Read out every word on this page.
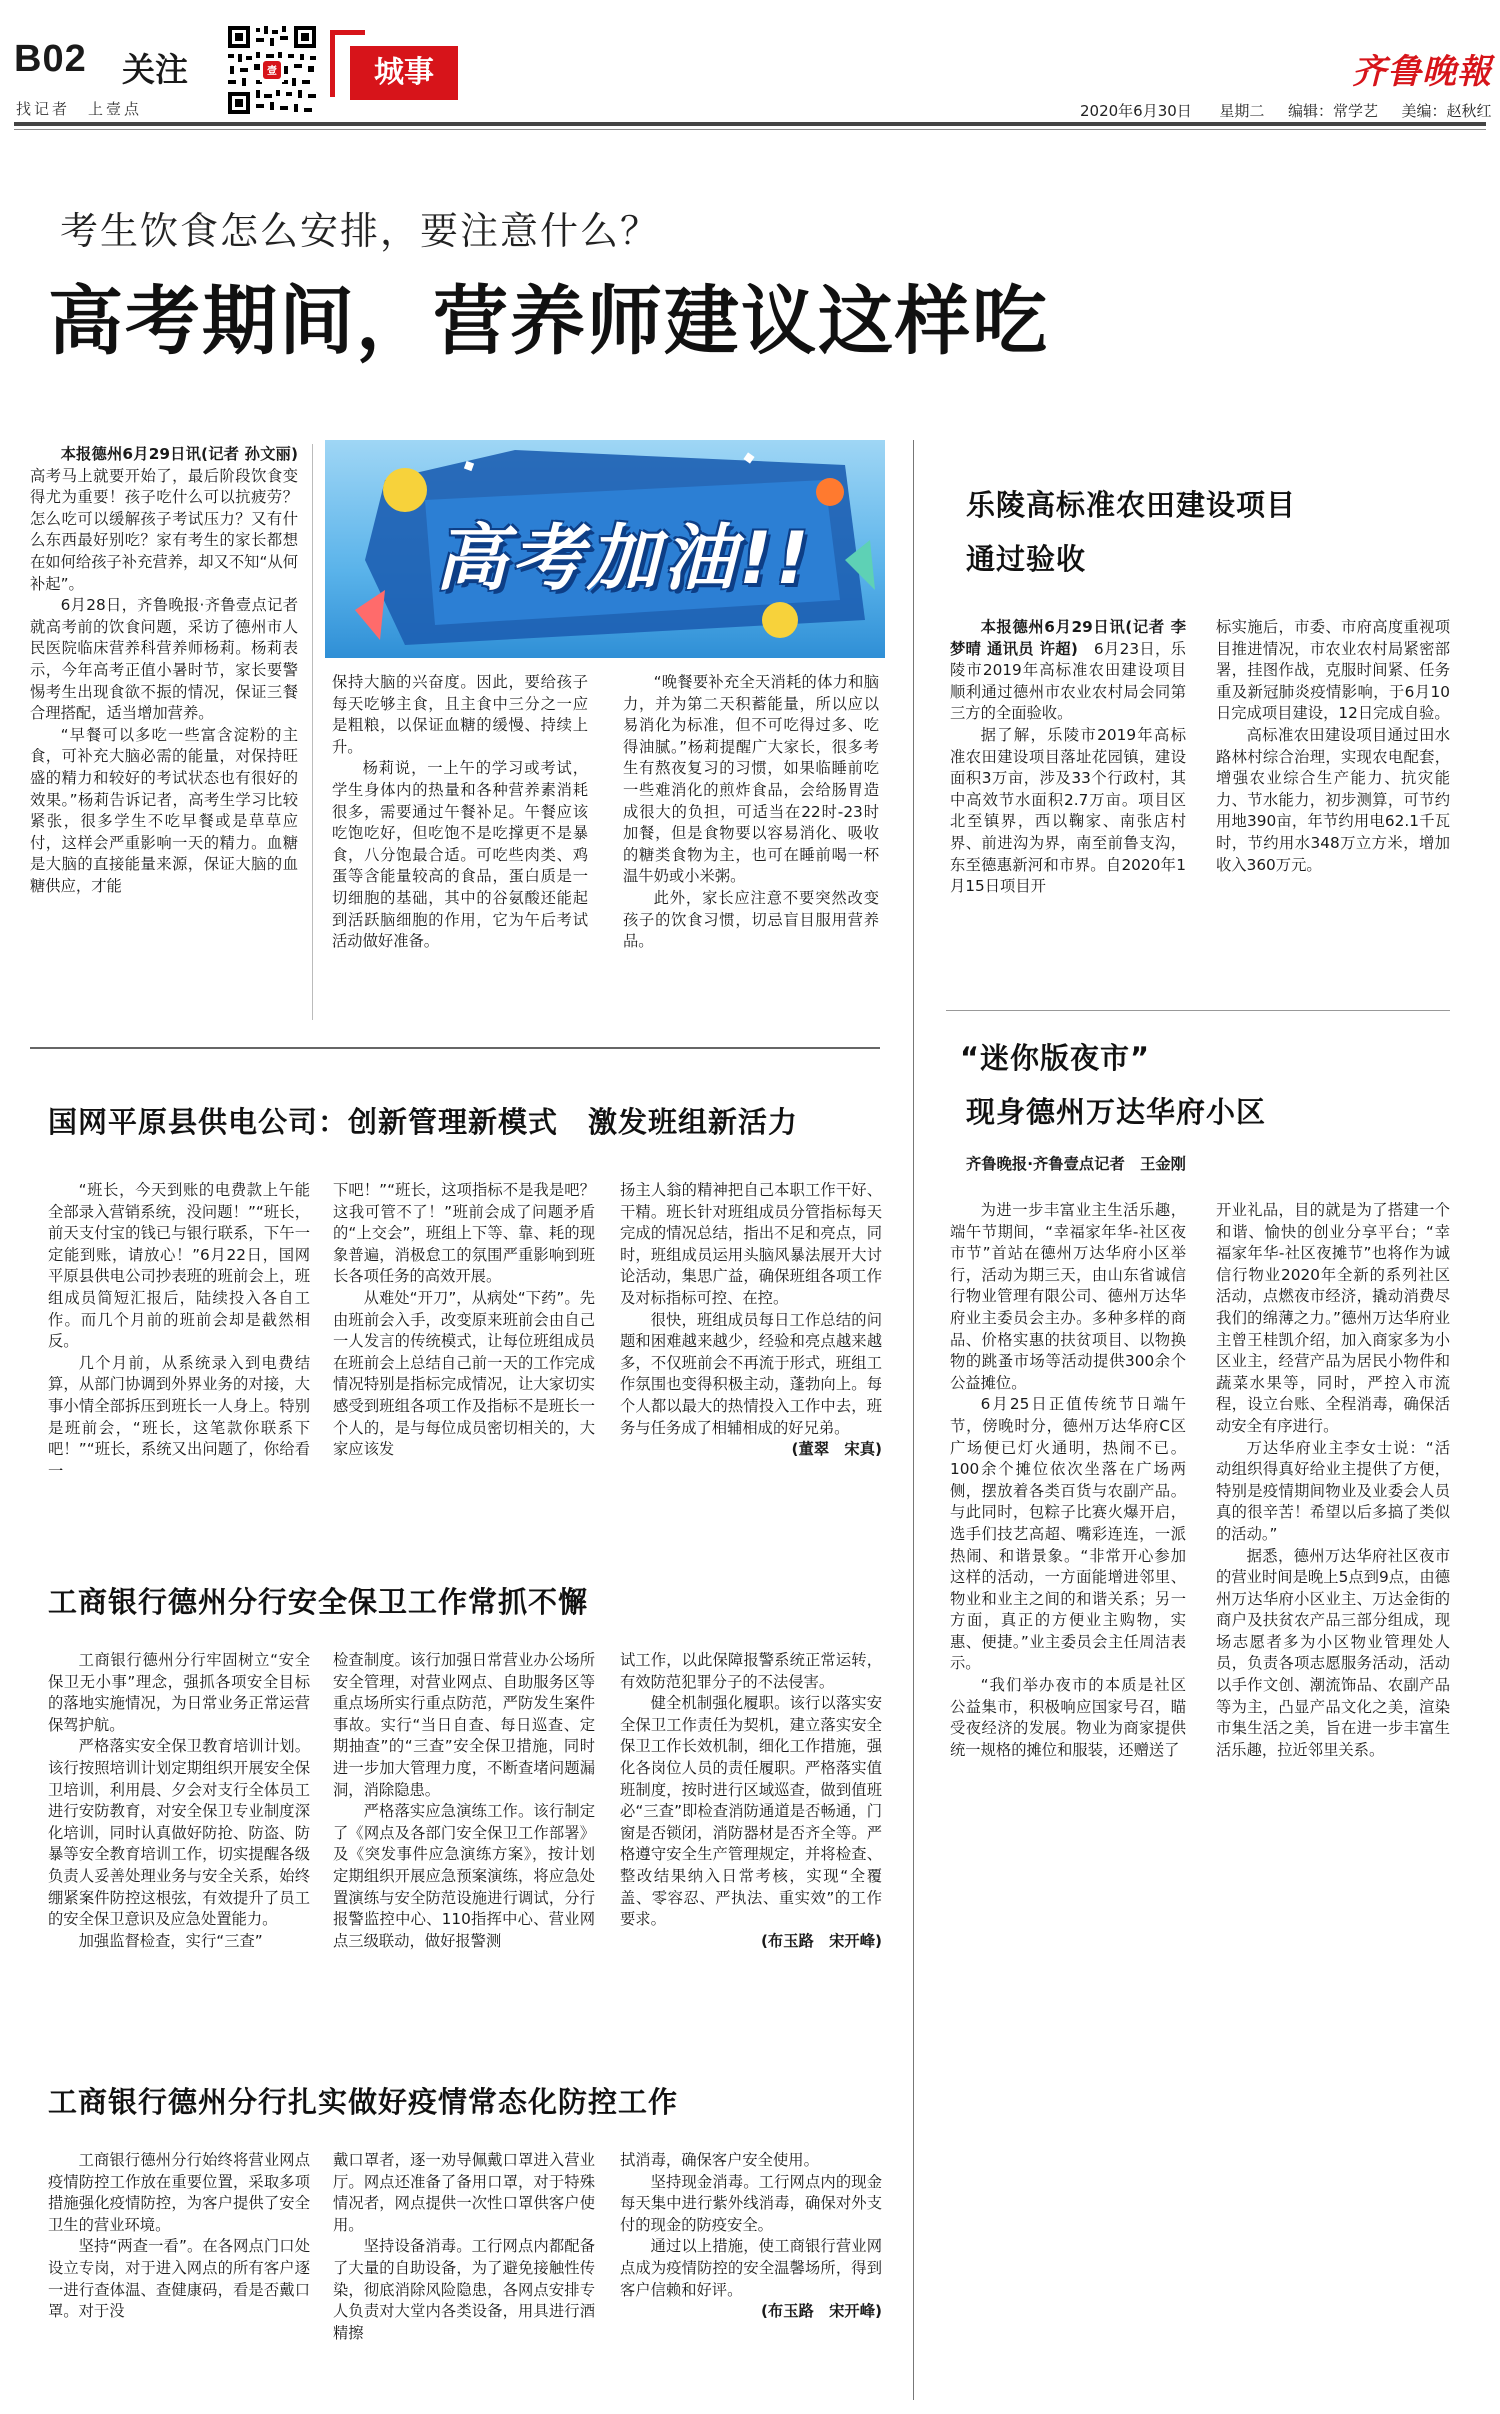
B02 关注
找记者　上壹点
壹	城事	齐鲁晚報
2020年6月30日 星期二 编辑：常学艺 美编：赵秋红
考生饮食怎么安排，要注意什么？
高考期间，营养师建议这样吃
高考加油!!

本报德州6月29日讯(记者 孙文丽)　高考马上就要开始了，最后阶段饮食变得尤为重要！孩子吃什么可以抗疲劳？怎么吃可以缓解孩子考试压力？又有什么东西最好别吃？家有考生的家长都想在如何给孩子补充营养，却又不知“从何补起”。

6月28日，齐鲁晚报·齐鲁壹点记者就高考前的饮食问题，采访了德州市人民医院临床营养科营养师杨莉。杨莉表示，今年高考正值小暑时节，家长要警惕考生出现食欲不振的情况，保证三餐合理搭配，适当增加营养。

“早餐可以多吃一些富含淀粉的主食，可补充大脑必需的能量，对保持旺盛的精力和较好的考试状态也有很好的效果。”杨莉告诉记者，高考生学习比较紧张，很多学生不吃早餐或是草草应付，这样会严重影响一天的精力。血糖是大脑的直接能量来源，保证大脑的血糖供应，才能

保持大脑的兴奋度。因此，要给孩子每天吃够主食，且主食中三分之一应是粗粮，以保证血糖的缓慢、持续上升。

杨莉说，一上午的学习或考试，学生身体内的热量和各种营养素消耗很多，需要通过午餐补足。午餐应该吃饱吃好，但吃饱不是吃撑更不是暴食，八分饱最合适。可吃些肉类、鸡蛋等含能量较高的食品，蛋白质是一切细胞的基础，其中的谷氨酸还能起到活跃脑细胞的作用，它为午后考试活动做好准备。

“晚餐要补充全天消耗的体力和脑力，并为第二天积蓄能量，所以应以易消化为标准，但不可吃得过多、吃得油腻。”杨莉提醒广大家长，很多考生有熬夜复习的习惯，如果临睡前吃一些难消化的煎炸食品，会给肠胃造成很大的负担，可适当在22时-23时加餐，但是食物要以容易消化、吸收的糖类食物为主，也可在睡前喝一杯温牛奶或小米粥。

此外，家长应注意不要突然改变孩子的饮食习惯，切忌盲目服用营养品。

乐陵高标准农田建设项目
通过验收

本报德州6月29日讯(记者 李梦晴 通讯员 许超)　 6月23日，乐陵市2019年高标准农田建设项目顺利通过德州市农业农村局会同第三方的全面验收。

据了解，乐陵市2019年高标准农田建设项目落址花园镇，建设面积3万亩，涉及33个行政村，其中高效节水面积2.7万亩。项目区北至镇界，西以鞠家、南张店村界、前进沟为界，南至前鲁支沟，东至德惠新河和市界。自2020年1月15日项目开

标实施后，市委、市府高度重视项目推进情况，市农业农村局紧密部署，挂图作战，克服时间紧、任务重及新冠肺炎疫情影响，于6月10日完成项目建设，12日完成自验。

高标准农田建设项目通过田水路林村综合治理，实现农电配套，增强农业综合生产能力、抗灾能力、节水能力，初步测算，可节约用地390亩，年节约用电62.1千瓦时，节约用水348万立方米，增加收入360万元。

“迷你版夜市”
现身德州万达华府小区
齐鲁晚报·齐鲁壹点记者　王金刚

为进一步丰富业主生活乐趣，端午节期间，“幸福家年华-社区夜市节”首站在德州万达华府小区举行，活动为期三天，由山东省诚信行物业管理有限公司、德州万达华府业主委员会主办。多种多样的商品、价格实惠的扶贫项目、以物换物的跳蚤市场等活动提供300余个公益摊位。

6月25日正值传统节日端午节，傍晚时分，德州万达华府C区广场便已灯火通明，热闹不已。100余个摊位依次坐落在广场两侧，摆放着各类百货与农副产品。与此同时，包粽子比赛火爆开启，选手们技艺高超、嘴彩连连，一派热闹、和谐景象。“非常开心参加这样的活动，一方面能增进邻里、物业和业主之间的和谐关系；另一方面，真正的方便业主购物，实惠、便捷。”业主委员会主任周洁表示。

“我们举办夜市的本质是社区公益集市，积极响应国家号召，瞄受夜经济的发展。物业为商家提供统一规格的摊位和服装，还赠送了

开业礼品，目的就是为了搭建一个和谐、愉快的创业分享平台；“幸福家年华-社区夜摊节”也将作为诚信行物业2020年全新的系列社区活动，点燃夜市经济，撬动消费尽我们的绵薄之力。”德州万达华府业主曾王桂凯介绍，加入商家多为小区业主，经营产品为居民小物件和蔬菜水果等，同时，严控入市流程，设立台账、全程消毒，确保活动安全有序进行。

万达华府业主李女士说：“活动组织得真好给业主提供了方便，特别是疫情期间物业及业委会人员真的很辛苦！希望以后多搞了类似的活动。”

据悉，德州万达华府社区夜市的营业时间是晚上5点到9点，由德州万达华府小区业主、万达金街的商户及扶贫农产品三部分组成，现场志愿者多为小区物业管理处人员，负责各项志愿服务活动，活动以手作文创、潮流饰品、农副产品等为主，凸显产品文化之美，渲染市集生活之美，旨在进一步丰富生活乐趣，拉近邻里关系。

国网平原县供电公司：创新管理新模式　激发班组新活力

“班长，今天到账的电费款上午能全部录入营销系统，没问题！”“班长，前天支付宝的钱已与银行联系，下午一定能到账，请放心！”6月22日，国网平原县供电公司抄表班的班前会上，班组成员简短汇报后，陆续投入各自工作。而几个月前的班前会却是截然相反。

几个月前，从系统录入到电费结算，从部门协调到外界业务的对接，大事小情全部拆压到班长一人身上。特别是班前会，“班长，这笔款你联系下吧！”“班长，系统又出问题了，你给看一

下吧！”“班长，这项指标不是我是吧？这我可管不了！”班前会成了问题矛盾的“上交会”，班组上下等、靠、耗的现象普遍，消极怠工的氛围严重影响到班长各项任务的高效开展。

从难处“开刀”，从病处“下药”。先由班前会入手，改变原来班前会由自己一人发言的传统模式，让每位班组成员在班前会上总结自己前一天的工作完成情况特别是指标完成情况，让大家切实感受到班组各项工作及指标不是班长一个人的，是与每位成员密切相关的，大家应该发

扬主人翁的精神把自己本职工作干好、干精。班长针对班组成员分管指标每天完成的情况总结，指出不足和亮点，同时，班组成员运用头脑风暴法展开大讨论活动，集思广益，确保班组各项工作及对标指标可控、在控。

很快，班组成员每日工作总结的问题和困难越来越少，经验和亮点越来越多，不仅班前会不再流于形式，班组工作氛围也变得积极主动，蓬勃向上。每个人都以最大的热情投入工作中去，班务与任务成了相辅相成的好兄弟。

(董翠　宋真)

工商银行德州分行安全保卫工作常抓不懈

工商银行德州分行牢固树立“安全保卫无小事”理念，强抓各项安全目标的落地实施情况，为日常业务正常运营保驾护航。

严格落实安全保卫教育培训计划。该行按照培训计划定期组织开展安全保卫培训，利用晨、夕会对支行全体员工进行安防教育，对安全保卫专业制度深化培训，同时认真做好防抢、防盗、防暴等安全教育培训工作，切实提醒各级负责人妥善处理业务与安全关系，始终绷紧案件防控这根弦，有效提升了员工的安全保卫意识及应急处置能力。

加强监督检查，实行“三查”

检查制度。该行加强日常营业办公场所安全管理，对营业网点、自助服务区等重点场所实行重点防范，严防发生案件事故。实行“当日自查、每日巡查、定期抽查”的“三查”安全保卫措施，同时进一步加大管理力度，不断查堵问题漏洞，消除隐患。

严格落实应急演练工作。该行制定了《网点及各部门安全保卫工作部署》及《突发事件应急演练方案》，按计划定期组织开展应急预案演练，将应急处置演练与安全防范设施进行调试，分行报警监控中心、110指挥中心、营业网点三级联动，做好报警测

试工作，以此保障报警系统正常运转，有效防范犯罪分子的不法侵害。

健全机制强化履职。该行以落实安全保卫工作责任为契机，建立落实安全保卫工作长效机制，细化工作措施，强化各岗位人员的责任履职。严格落实值班制度，按时进行区域巡查，做到值班必“三查”即检查消防通道是否畅通，门窗是否锁闭，消防器材是否齐全等。严格遵守安全生产管理规定，并将检查、整改结果纳入日常考核，实现“全覆盖、零容忍、严执法、重实效”的工作要求。

(布玉路　宋开峰)

工商银行德州分行扎实做好疫情常态化防控工作

工商银行德州分行始终将营业网点疫情防控工作放在重要位置，采取多项措施强化疫情防控，为客户提供了安全卫生的营业环境。

坚持“两查一看”。在各网点门口处设立专岗，对于进入网点的所有客户逐一进行查体温、查健康码，看是否戴口罩。对于没

戴口罩者，逐一劝导佩戴口罩进入营业厅。网点还准备了备用口罩，对于特殊情况者，网点提供一次性口罩供客户使用。

坚持设备消毒。工行网点内都配备了大量的自助设备，为了避免接触性传染，彻底消除风险隐患，各网点安排专人负责对大堂内各类设备，用具进行酒精擦

拭消毒，确保客户安全使用。

坚持现金消毒。工行网点内的现金每天集中进行紫外线消毒，确保对外支付的现金的防疫安全。

通过以上措施，使工商银行营业网点成为疫情防控的安全温馨场所，得到客户信赖和好评。

(布玉路　宋开峰)
